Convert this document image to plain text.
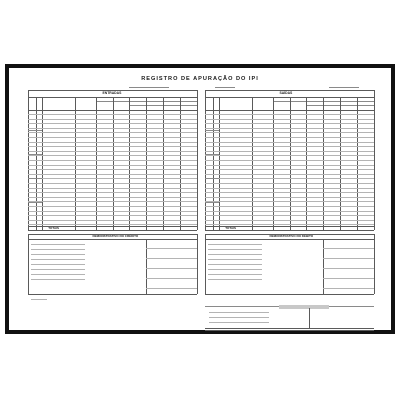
REGISTRO DE APURAÇÃO DO IPI
ENTRADAS
TOTAIS
DEMONSTRATIVO DO CRÉDITO
SAÍDAS
TOTAIS
DEMONSTRATIVO DO DÉBITO
